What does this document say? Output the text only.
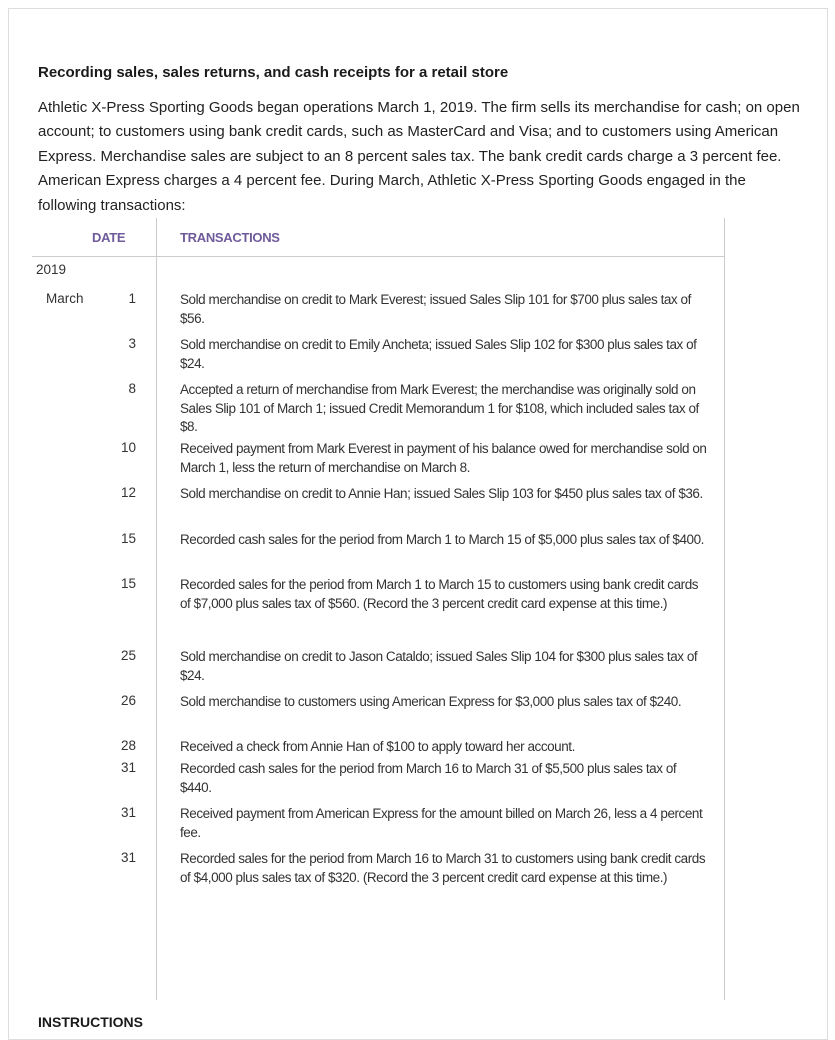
Recording sales, sales returns, and cash receipts for a retail store
Athletic X-Press Sporting Goods began operations March 1, 2019. The firm sells its merchandise for cash; on open account; to customers using bank credit cards, such as MasterCard and Visa; and to customers using American Express. Merchandise sales are subject to an 8 percent sales tax. The bank credit cards charge a 3 percent fee. American Express charges a 4 percent fee. During March, Athletic X-Press Sporting Goods engaged in the following transactions:
DATE	TRANSACTIONS
2019
March	1	Sold merchandise on credit to Mark Everest; issued Sales Slip 101 for $700 plus sales tax of $56.
3	Sold merchandise on credit to Emily Ancheta; issued Sales Slip 102 for $300 plus sales tax of $24.
8	Accepted a return of merchandise from Mark Everest; the merchandise was originally sold on Sales Slip 101 of March 1; issued Credit Memorandum 1 for $108, which included sales tax of $8.
10	Received payment from Mark Everest in payment of his balance owed for merchandise sold on March 1, less the return of merchandise on March 8.
12	Sold merchandise on credit to Annie Han; issued Sales Slip 103 for $450 plus sales tax of $36.
15	Recorded cash sales for the period from March 1 to March 15 of $5,000 plus sales tax of $400.
15	Recorded sales for the period from March 1 to March 15 to customers using bank credit cards of $7,000 plus sales tax of $560. (Record the 3 percent credit card expense at this time.)
25	Sold merchandise on credit to Jason Cataldo; issued Sales Slip 104 for $300 plus sales tax of $24.
26	Sold merchandise to customers using American Express for $3,000 plus sales tax of $240.
28	Received a check from Annie Han of $100 to apply toward her account.
31	Recorded cash sales for the period from March 16 to March 31 of $5,500 plus sales tax of $440.
31	Received payment from American Express for the amount billed on March 26, less a 4 percent fee.
31	Recorded sales for the period from March 16 to March 31 to customers using bank credit cards of $4,000 plus sales tax of $320. (Record the 3 percent credit card expense at this time.)
INSTRUCTIONS
